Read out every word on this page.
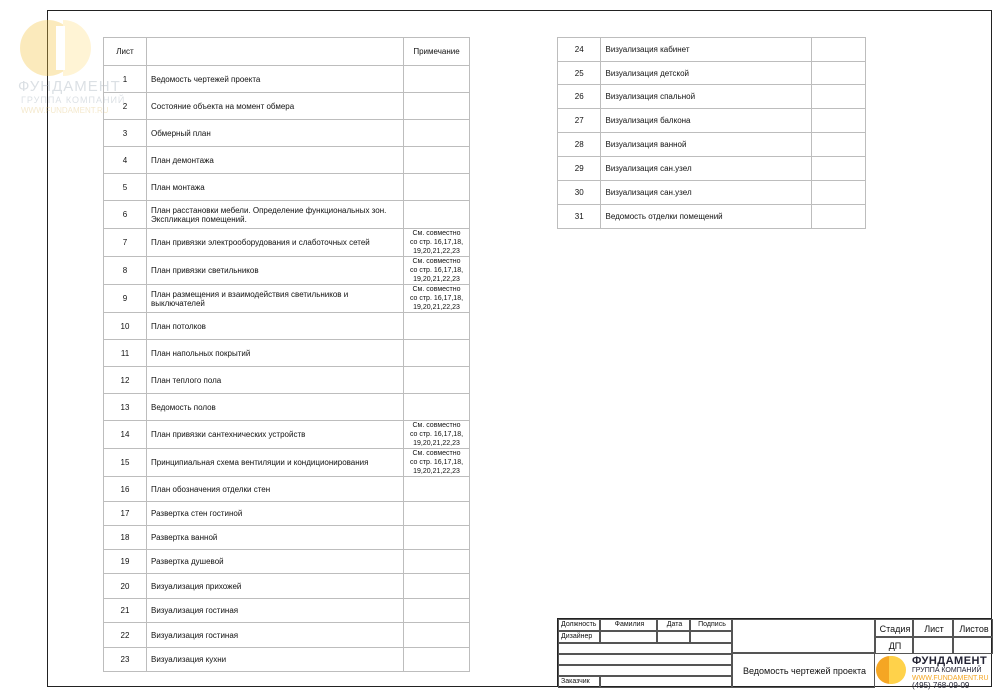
ФУНДАМЕНТ
ГРУППА КОМПАНИЙ
WWW.FUNDAMENT.RU
Лист		Примечание
1	Ведомость чертежей проекта	
2	Состояние объекта на момент обмера	
3	Обмерный план	
4	План демонтажа	
5	План монтажа	
6	План расстановки мебели. Определение функциональных зон. Экспликация помещений.	
7	План привязки электрооборудования и слаботочных сетей	См. совместно со стр. 16,17,18, 19,20,21,22,23
8	План привязки светильников	См. совместно со стр. 16,17,18, 19,20,21,22,23
9	План размещения и взаимодействия светильников и выключателей	См. совместно со стр. 16,17,18, 19,20,21,22,23
10	План потолков	
11	План напольных покрытий	
12	План теплого пола	
13	Ведомость полов	
14	План привязки сантехнических устройств	См. совместно со стр. 16,17,18, 19,20,21,22,23
15	Принципиальная схема вентиляции и кондиционирования	См. совместно со стр. 16,17,18, 19,20,21,22,23
16	План обозначения отделки стен	
17	Развертка стен гостиной	
18	Развертка ванной	
19	Развертка душевой	
20	Визуализация прихожей	
21	Визуализация гостиная	
22	Визуализация гостиная	
23	Визуализация кухни	
24	Визуализация кабинет	
25	Визуализация детской	
26	Визуализация спальной	
27	Визуализация балкона	
28	Визуализация ванной	
29	Визуализация сан.узел	
30	Визуализация сан.узел	
31	Ведомость отделки помещений	
Должность	Фамилия	Дата	Подпись
Дизайнер
Заказчик
Ведомость чертежей проекта
Стадия	Лист	Листов
ДП
ФУНДАМЕНТ
ГРУППА КОМПАНИЙ
WWW.FUNDAMENT.RU
(495) 768-09-09
